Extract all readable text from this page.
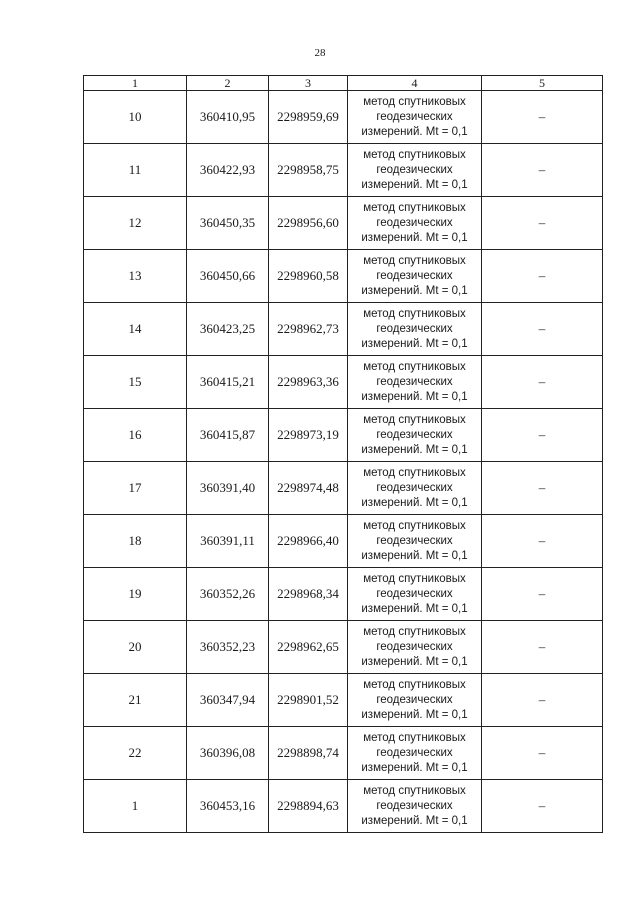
28
1	2	3	4	5
10	360410,95	2298959,69	метод спутниковых геодезических измерений. Mt = 0,1	–
11	360422,93	2298958,75	метод спутниковых геодезических измерений. Mt = 0,1	–
12	360450,35	2298956,60	метод спутниковых геодезических измерений. Mt = 0,1	–
13	360450,66	2298960,58	метод спутниковых геодезических измерений. Mt = 0,1	–
14	360423,25	2298962,73	метод спутниковых геодезических измерений. Mt = 0,1	–
15	360415,21	2298963,36	метод спутниковых геодезических измерений. Mt = 0,1	–
16	360415,87	2298973,19	метод спутниковых геодезических измерений. Mt = 0,1	–
17	360391,40	2298974,48	метод спутниковых геодезических измерений. Mt = 0,1	–
18	360391,11	2298966,40	метод спутниковых геодезических измерений. Mt = 0,1	–
19	360352,26	2298968,34	метод спутниковых геодезических измерений. Mt = 0,1	–
20	360352,23	2298962,65	метод спутниковых геодезических измерений. Mt = 0,1	–
21	360347,94	2298901,52	метод спутниковых геодезических измерений. Mt = 0,1	–
22	360396,08	2298898,74	метод спутниковых геодезических измерений. Mt = 0,1	–
1	360453,16	2298894,63	метод спутниковых геодезических измерений. Mt = 0,1	–
